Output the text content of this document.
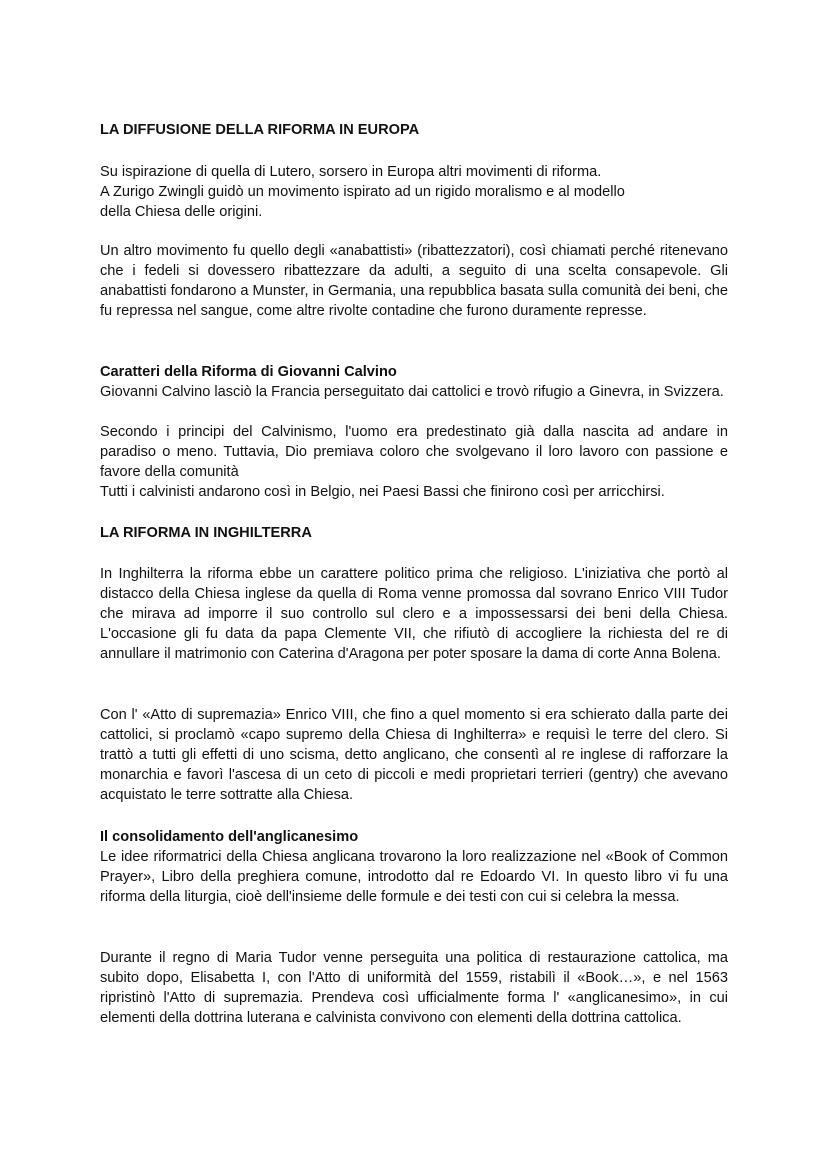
LA DIFFUSIONE DELLA RIFORMA IN EUROPA
Su ispirazione di quella di Lutero, sorsero in Europa altri movimenti di riforma.
A Zurigo Zwingli guidò un movimento ispirato ad un rigido moralismo e al modello
della Chiesa delle origini.
Un altro movimento fu quello degli «anabattisti» (ribattezzatori), così chiamati perché ritenevano che i fedeli si dovessero ribattezzare da adulti, a seguito di una scelta consapevole. Gli anabattisti fondarono a Munster, in Germania, una repubblica basata sulla comunità dei beni, che fu repressa nel sangue, come altre rivolte contadine che furono duramente represse.
Caratteri della Riforma di Giovanni Calvino
Giovanni Calvino lasciò la Francia perseguitato dai cattolici e trovò rifugio a Ginevra, in Svizzera.
Secondo i principi del Calvinismo, l'uomo era predestinato già dalla nascita ad andare in paradiso o meno. Tuttavia, Dio premiava coloro che svolgevano il loro lavoro con passione e favore della comunità
Tutti i calvinisti andarono così in Belgio, nei Paesi Bassi che finirono così per arricchirsi.
LA RIFORMA IN INGHILTERRA
In Inghilterra la riforma ebbe un carattere politico prima che religioso. L'iniziativa che portò al distacco della Chiesa inglese da quella di Roma venne promossa dal sovrano Enrico VIII Tudor che mirava ad imporre il suo controllo sul clero e a impossessarsi dei beni della Chiesa. L'occasione gli fu data da papa Clemente VII, che rifiutò di accogliere la richiesta del re di annullare il matrimonio con Caterina d'Aragona per poter sposare la dama di corte Anna Bolena.
Con l' «Atto di supremazia» Enrico VIII, che fino a quel momento si era schierato dalla parte dei cattolici, si proclamò «capo supremo della Chiesa di Inghilterra» e requisì le terre del clero. Si trattò a tutti gli effetti di uno scisma, detto anglicano, che consentì al re inglese di rafforzare la monarchia e favorì l'ascesa di un ceto di piccoli e medi proprietari terrieri (gentry) che avevano acquistato le terre sottratte alla Chiesa.
Il consolidamento dell'anglicanesimo
Le idee riformatrici della Chiesa anglicana trovarono la loro realizzazione nel «Book of Common Prayer», Libro della preghiera comune, introdotto dal re Edoardo VI. In questo libro vi fu una riforma della liturgia, cioè dell'insieme delle formule e dei testi con cui si celebra la messa.
Durante il regno di Maria Tudor venne perseguita una politica di restaurazione cattolica, ma subito dopo, Elisabetta I, con l'Atto di uniformità del 1559, ristabilì il «Book…», e nel 1563 ripristinò l'Atto di supremazia. Prendeva così ufficialmente forma l' «anglicanesimo», in cui elementi della dottrina luterana e calvinista convivono con elementi della dottrina cattolica.
